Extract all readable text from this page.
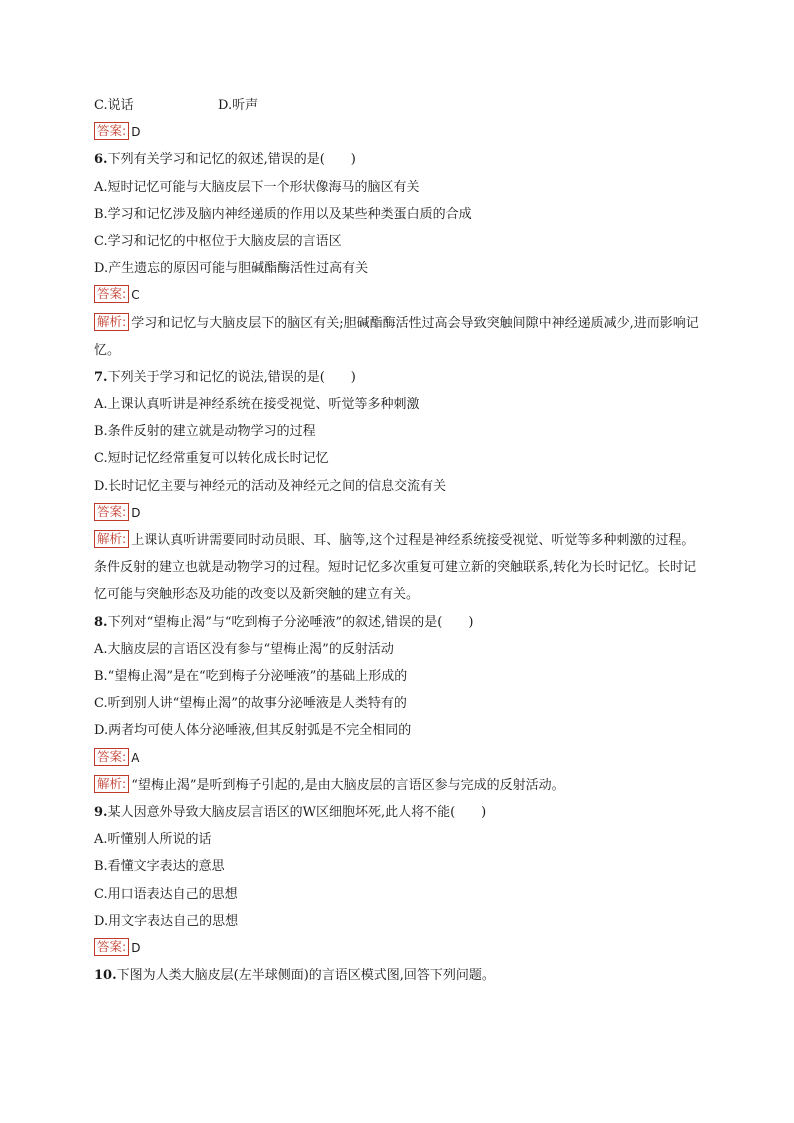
C.说话	D.听声
答案: D
6.下列有关学习和记忆的叙述,错误的是(　　)
A.短时记忆可能与大脑皮层下一个形状像海马的脑区有关
B.学习和记忆涉及脑内神经递质的作用以及某些种类蛋白质的合成
C.学习和记忆的中枢位于大脑皮层的言语区
D.产生遗忘的原因可能与胆碱酯酶活性过高有关
答案: C
解析: 学习和记忆与大脑皮层下的脑区有关;胆碱酯酶活性过高会导致突触间隙中神经递质减少,进而影响记忆。
7.下列关于学习和记忆的说法,错误的是(　　)
A.上课认真听讲是神经系统在接受视觉、听觉等多种刺激
B.条件反射的建立就是动物学习的过程
C.短时记忆经常重复可以转化成长时记忆
D.长时记忆主要与神经元的活动及神经元之间的信息交流有关
答案: D
解析: 上课认真听讲需要同时动员眼、耳、脑等,这个过程是神经系统接受视觉、听觉等多种刺激的过程。条件反射的建立也就是动物学习的过程。短时记忆多次重复可建立新的突触联系,转化为长时记忆。长时记忆可能与突触形态及功能的改变以及新突触的建立有关。
8.下列对“望梅止渴”与“吃到梅子分泌唾液”的叙述,错误的是(　　)
A.大脑皮层的言语区没有参与“望梅止渴”的反射活动
B.“望梅止渴”是在“吃到梅子分泌唾液”的基础上形成的
C.听到别人讲“望梅止渴”的故事分泌唾液是人类特有的
D.两者均可使人体分泌唾液,但其反射弧是不完全相同的
答案: A
解析: “望梅止渴”是听到梅子引起的,是由大脑皮层的言语区参与完成的反射活动。
9.某人因意外导致大脑皮层言语区的W区细胞坏死,此人将不能(　　)
A.听懂别人所说的话
B.看懂文字表达的意思
C.用口语表达自己的思想
D.用文字表达自己的思想
答案: D
10.下图为人类大脑皮层(左半球侧面)的言语区模式图,回答下列问题。
